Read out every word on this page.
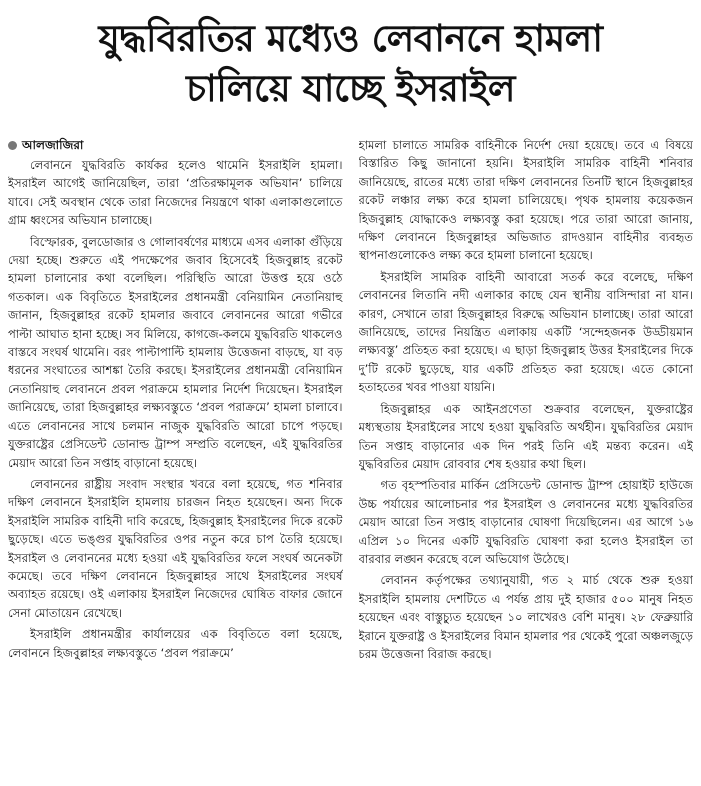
যুদ্ধবিরতির মধ্যেও লেবাননে হামলা
চালিয়ে যাচ্ছে ইসরাইল
আলজাজিরা

লেবাননে যুদ্ধবিরতি কার্যকর হলেও থামেনি ইসরাইলি হামলা। ইসরাইল আগেই জানিয়েছিল, তারা ‘প্রতিরক্ষামূলক অভিযান’ চালিয়ে যাবে। সেই অবস্থান থেকে তারা নিজেদের নিয়ন্ত্রণে থাকা এলাকাগুলোতে গ্রাম ধ্বংসের অভিযান চালাচ্ছে।

বিস্ফোরক, বুলডোজার ও গোলাবর্ষণের মাধ্যমে এসব এলাকা গুঁড়িয়ে দেয়া হচ্ছে। শুরুতে এই পদক্ষেপের জবাব হিসেবেই হিজবুল্লাহ রকেট হামলা চালানোর কথা বলেছিল। পরিস্থিতি আরো উত্তপ্ত হয়ে ওঠে গতকাল। এক বিবৃতিতে ইসরাইলের প্রধানমন্ত্রী বেনিয়ামিন নেতানিয়াহু জানান, হিজবুল্লাহর রকেট হামলার জবাবে লেবাননের আরো গভীরে পাল্টা আঘাত হানা হচ্ছে। সব মিলিয়ে, কাগজে-কলমে যুদ্ধবিরতি থাকলেও বাস্তবে সংঘর্ষ থামেনি। বরং পাল্টাপাল্টি হামলায় উত্তেজনা বাড়ছে, যা বড় ধরনের সংঘাতের আশঙ্কা তৈরি করছে। ইসরাইলের প্রধানমন্ত্রী বেনিয়ামিন নেতানিয়াহু লেবাননে প্রবল পরাক্রমে হামলার নির্দেশ দিয়েছেন। ইসরাইল জানিয়েছে, তারা হিজবুল্লাহর লক্ষ্যবস্তুতে ‘প্রবল পরাক্রমে’ হামলা চালাবে। এতে লেবাননের সাথে চলমান নাজুক যুদ্ধবিরতি আরো চাপে পড়ছে। যুক্তরাষ্ট্রের প্রেসিডেন্ট ডোনাল্ড ট্রাম্প সম্প্রতি বলেছেন, এই যুদ্ধবিরতির মেয়াদ আরো তিন সপ্তাহ বাড়ানো হয়েছে।

লেবাননের রাষ্ট্রীয় সংবাদ সংস্থার খবরে বলা হয়েছে, গত শনিবার দক্ষিণ লেবাননে ইসরাইলি হামলায় চারজন নিহত হয়েছেন। অন্য দিকে ইসরাইলি সামরিক বাহিনী দাবি করেছে, হিজবুল্লাহ ইসরাইলের দিকে রকেট ছুড়েছে। এতে ভঙ্গুর যুদ্ধবিরতির ওপর নতুন করে চাপ তৈরি হয়েছে। ইসরাইল ও লেবাননের মধ্যে হওয়া এই যুদ্ধবিরতির ফলে সংঘর্ষ অনেকটা কমেছে। তবে দক্ষিণ লেবাননে হিজবুল্লাহর সাথে ইসরাইলের সংঘর্ষ অব্যাহত রয়েছে। ওই এলাকায় ইসরাইল নিজেদের ঘোষিত বাফার জোনে সেনা মোতায়েন রেখেছে।

ইসরাইলি প্রধানমন্ত্রীর কার্যালয়ের এক বিবৃতিতে বলা হয়েছে, লেবাননে হিজবুল্লাহর লক্ষ্যবস্তুতে ‘প্রবল পরাক্রমে’

হামলা চালাতে সামরিক বাহিনীকে নির্দেশ দেয়া হয়েছে। তবে এ বিষয়ে বিস্তারিত কিছু জানানো হয়নি। ইসরাইলি সামরিক বাহিনী শনিবার জানিয়েছে, রাতের মধ্যে তারা দক্ষিণ লেবাননের তিনটি স্থানে হিজবুল্লাহর রকেট লঞ্চার লক্ষ্য করে হামলা চালিয়েছে। পৃথক হামলায় কয়েকজন হিজবুল্লাহ যোদ্ধাকেও লক্ষ্যবস্তু করা হয়েছে। পরে তারা আরো জানায়, দক্ষিণ লেবাননে হিজবুল্লাহর অভিজাত রাদওয়ান বাহিনীর ব্যবহৃত স্থাপনাগুলোকেও লক্ষ্য করে হামলা চালানো হয়েছে।

ইসরাইলি সামরিক বাহিনী আবারো সতর্ক করে বলেছে, দক্ষিণ লেবাননের লিতানি নদী এলাকার কাছে যেন স্থানীয় বাসিন্দারা না যান। কারণ, সেখানে তারা হিজবুল্লাহর বিরুদ্ধে অভিযান চালাচ্ছে। তারা আরো জানিয়েছে, তাদের নিয়ন্ত্রিত এলাকায় একটি ‘সন্দেহজনক উড্ডীয়মান লক্ষ্যবস্তু’ প্রতিহত করা হয়েছে। এ ছাড়া হিজবুল্লাহ উত্তর ইসরাইলের দিকে দু’টি রকেট ছুড়েছে, যার একটি প্রতিহত করা হয়েছে। এতে কোনো হতাহতের খবর পাওয়া যায়নি।

হিজবুল্লাহর এক আইনপ্রণেতা শুক্রবার বলেছেন, যুক্তরাষ্ট্রের মধ্যস্থতায় ইসরাইলের সাথে হওয়া যুদ্ধবিরতি অর্থহীন। যুদ্ধবিরতির মেয়াদ তিন সপ্তাহ বাড়ানোর এক দিন পরই তিনি এই মন্তব্য করেন। এই যুদ্ধবিরতির মেয়াদ রোববার শেষ হওয়ার কথা ছিল।

গত বৃহস্পতিবার মার্কিন প্রেসিডেন্ট ডোনাল্ড ট্রাম্প হোয়াইট হাউজে উচ্চ পর্যায়ের আলোচনার পর ইসরাইল ও লেবাননের মধ্যে যুদ্ধবিরতির মেয়াদ আরো তিন সপ্তাহ বাড়ানোর ঘোষণা দিয়েছিলেন। এর আগে ১৬ এপ্রিল ১০ দিনের একটি যুদ্ধবিরতি ঘোষণা করা হলেও ইসরাইল তা বারবার লঙ্ঘন করেছে বলে অভিযোগ উঠেছে।

লেবানন কর্তৃপক্ষের তথ্যানুযায়ী, গত ২ মার্চ থেকে শুরু হওয়া ইসরাইলি হামলায় দেশটিতে এ পর্যন্ত প্রায় দুই হাজার ৫০০ মানুষ নিহত হয়েছেন এবং বাস্তুচ্যুত হয়েছেন ১০ লাখেরও বেশি মানুষ। ২৮ ফেব্রুয়ারি ইরানে যুক্তরাষ্ট্র ও ইসরাইলের বিমান হামলার পর থেকেই পুরো অঞ্চলজুড়ে চরম উত্তেজনা বিরাজ করছে।
